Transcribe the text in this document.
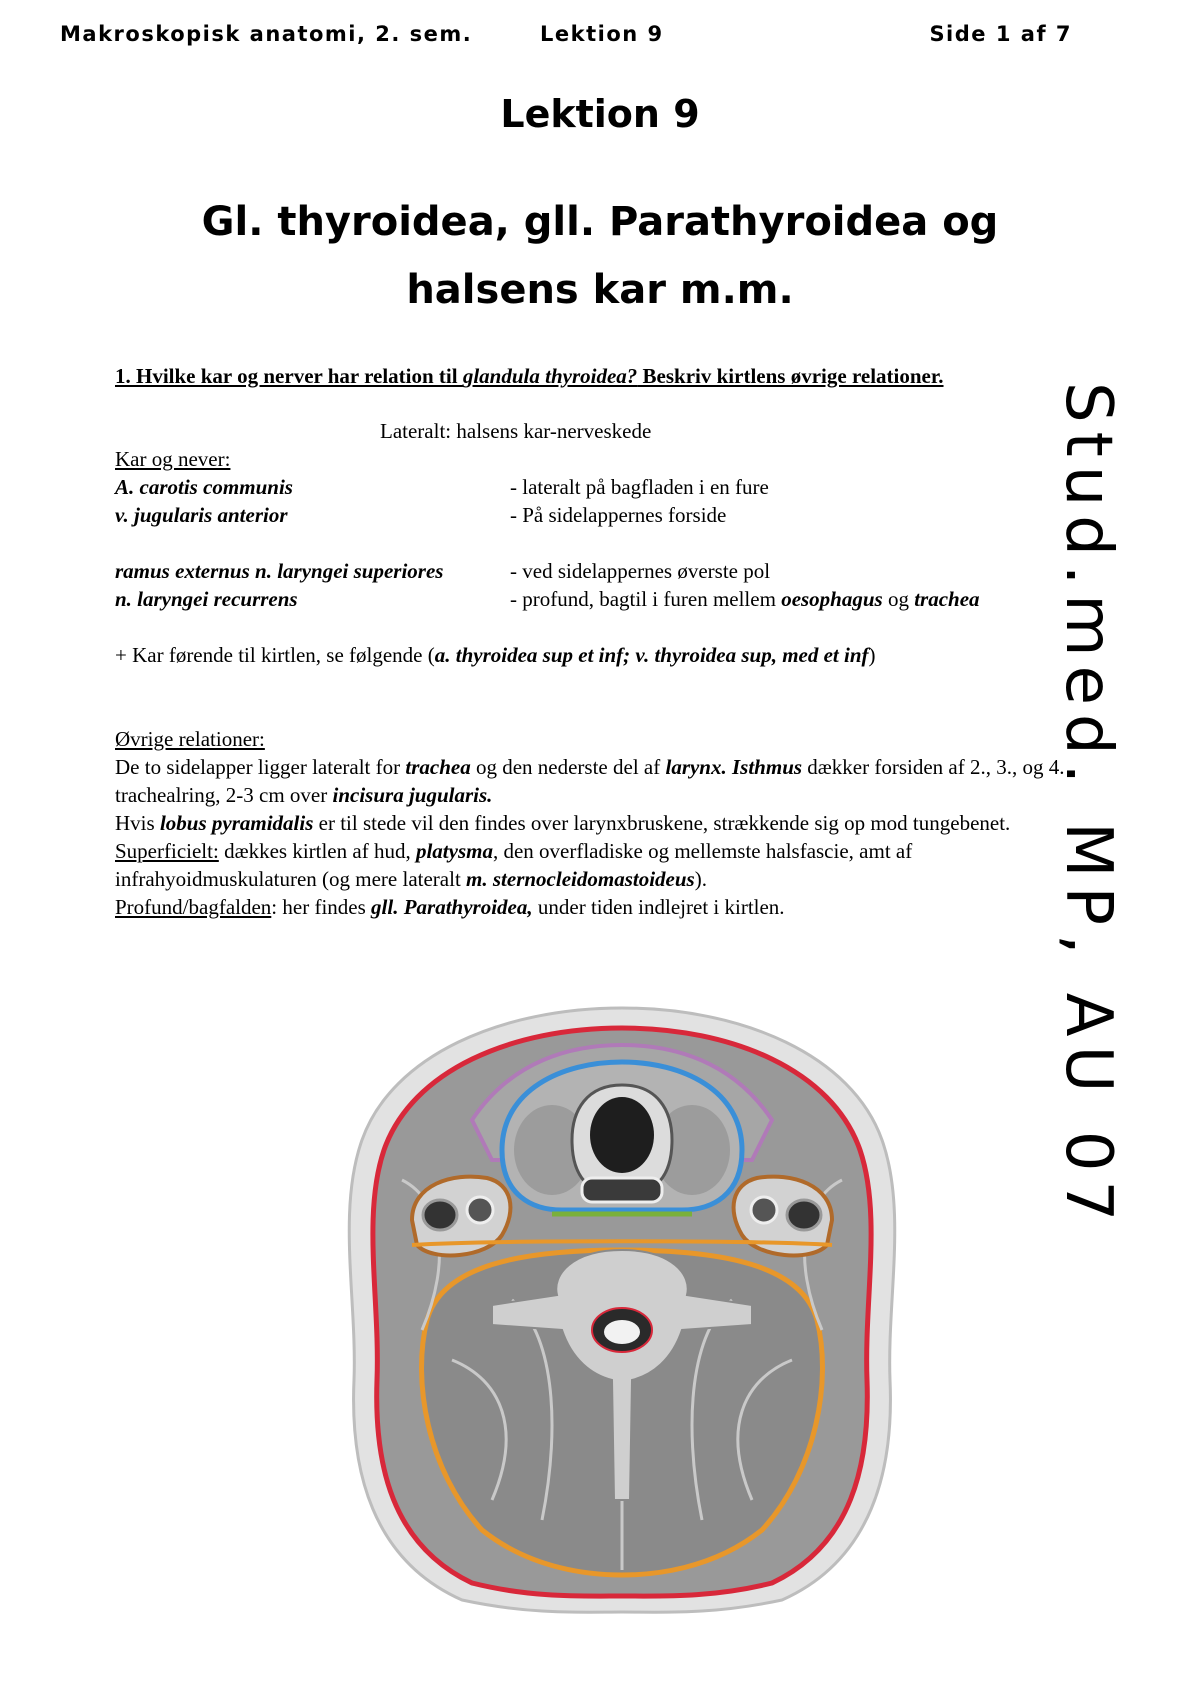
Makroskopisk anatomi, 2. sem.	Lektion 9	Side 1 af 7
Lektion 9
Gl. thyroidea, gll. Parathyroidea og
halsens kar m.m.
Stud.med. MP, AU 07
1. Hvilke kar og nerver har relation til glandula thyroidea? Beskriv kirtlens øvrige relationer.
Lateralt: halsens kar-nerveskede
Kar og never:
A. carotis communis	- lateralt på bagfladen i en fure
v. jugularis anterior	- På sidelappernes forside
ramus externus n. laryngei superiores	- ved sidelappernes øverste pol
n. laryngei recurrens	- profund, bagtil i furen mellem oesophagus og trachea
+ Kar førende til kirtlen, se følgende (a. thyroidea sup et inf; v. thyroidea sup, med et inf)
Øvrige relationer:
De to sidelapper ligger lateralt for trachea og den nederste del af larynx. Isthmus dækker forsiden af 2., 3., og 4. trachealring, 2-3 cm over incisura jugularis.
Hvis lobus pyramidalis er til stede vil den findes over larynxbruskene, strækkende sig op mod tungebenet.
Superficielt: dækkes kirtlen af hud, platysma, den overfladiske og mellemste halsfascie, amt af infrahyoidmuskulaturen (og mere lateralt m. sternocleidomastoideus).
Profund/bagfalden: her findes gll. Parathyroidea, under tiden indlejret i kirtlen.
